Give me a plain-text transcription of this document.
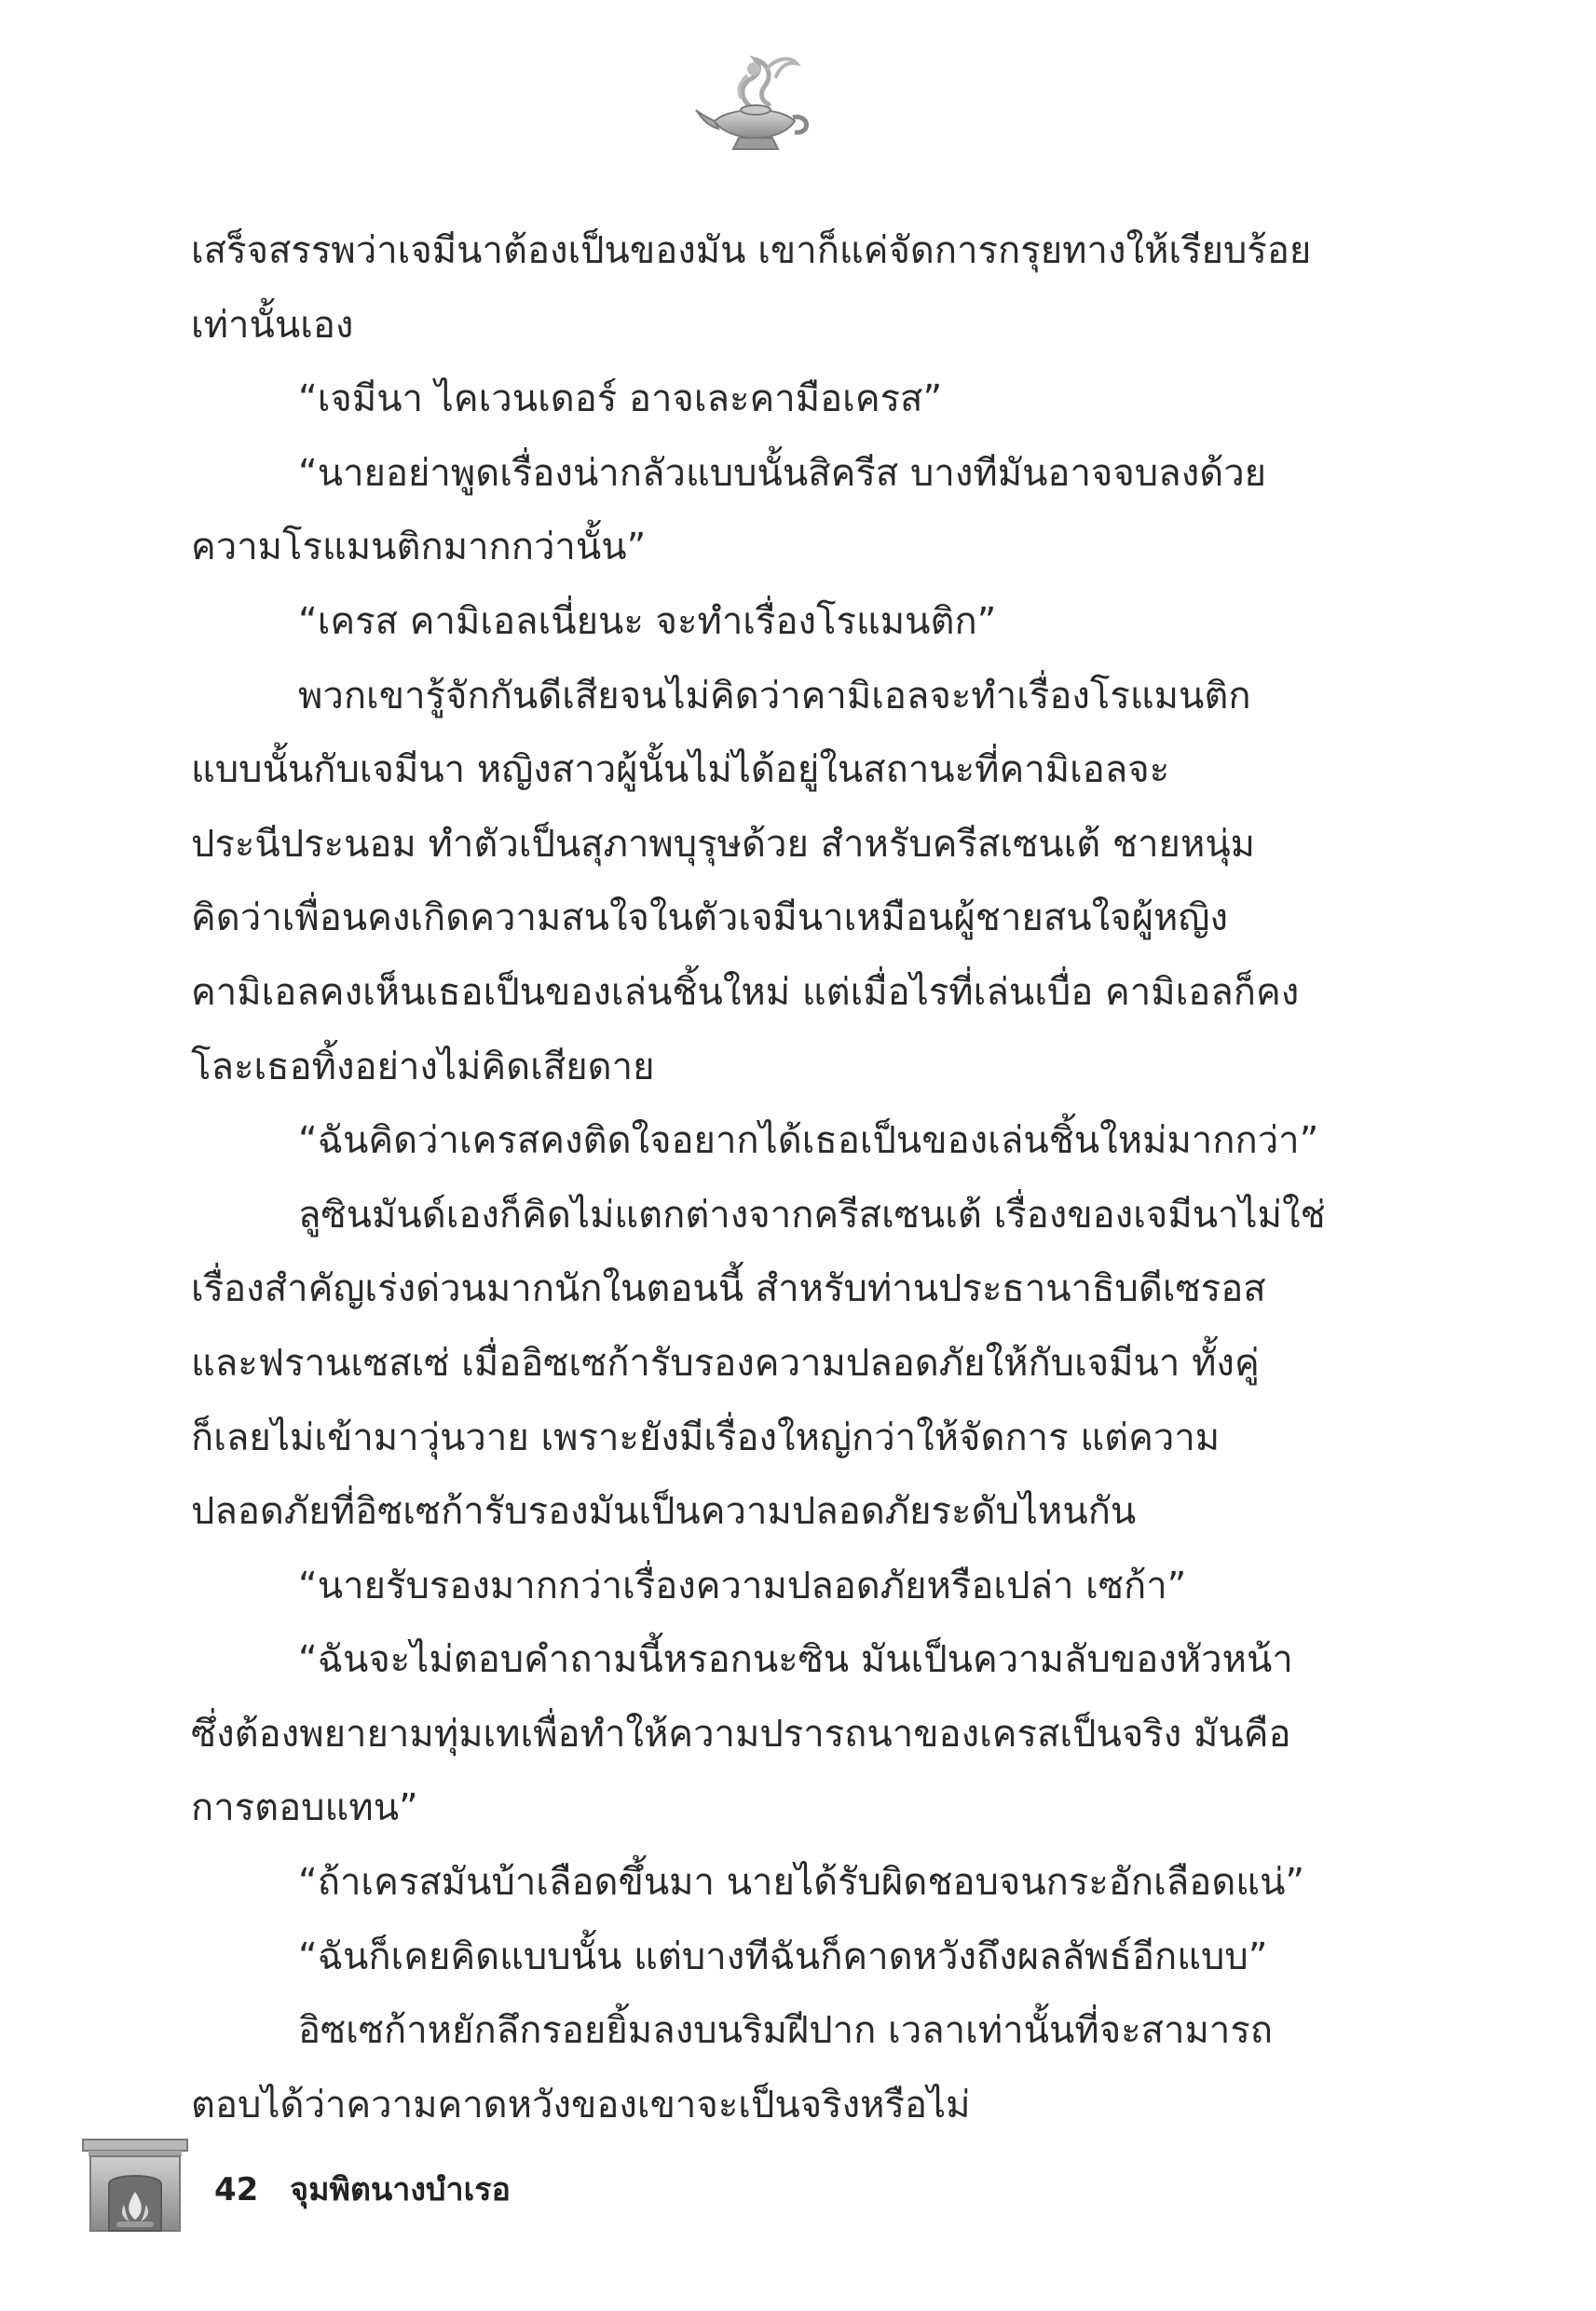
เสร็จสรรพว่าเจมีนาต้องเป็นของมัน เขาก็แค่จัดการกรุยทางให้เรียบร้อย
เท่านั้นเอง
“เจมีนา ไคเวนเดอร์ อาจเละคามือเครส”
“นายอย่าพูดเรื่องน่ากลัวแบบนั้นสิครีส บางทีมันอาจจบลงด้วย
ความโรแมนติกมากกว่านั้น”
“เครส คามิเอลเนี่ยนะ จะทำเรื่องโรแมนติก”
พวกเขารู้จักกันดีเสียจนไม่คิดว่าคามิเอลจะทำเรื่องโรแมนติก
แบบนั้นกับเจมีนา หญิงสาวผู้นั้นไม่ได้อยู่ในสถานะที่คามิเอลจะ
ประนีประนอม ทำตัวเป็นสุภาพบุรุษด้วย สำหรับครีสเซนเต้ ชายหนุ่ม
คิดว่าเพื่อนคงเกิดความสนใจในตัวเจมีนาเหมือนผู้ชายสนใจผู้หญิง
คามิเอลคงเห็นเธอเป็นของเล่นชิ้นใหม่ แต่เมื่อไรที่เล่นเบื่อ คามิเอลก็คง
โละเธอทิ้งอย่างไม่คิดเสียดาย
“ฉันคิดว่าเครสคงติดใจอยากได้เธอเป็นของเล่นชิ้นใหม่มากกว่า”
ลูซินมันด์เองก็คิดไม่แตกต่างจากครีสเซนเต้ เรื่องของเจมีนาไม่ใช่
เรื่องสำคัญเร่งด่วนมากนักในตอนนี้ สำหรับท่านประธานาธิบดีเซรอส
และฟรานเซสเซ่ เมื่ออิซเซก้ารับรองความปลอดภัยให้กับเจมีนา ทั้งคู่
ก็เลยไม่เข้ามาวุ่นวาย เพราะยังมีเรื่องใหญ่กว่าให้จัดการ แต่ความ
ปลอดภัยที่อิซเซก้ารับรองมันเป็นความปลอดภัยระดับไหนกัน
“นายรับรองมากกว่าเรื่องความปลอดภัยหรือเปล่า เซก้า”
“ฉันจะไม่ตอบคำถามนี้หรอกนะซิน มันเป็นความลับของหัวหน้า
ซึ่งต้องพยายามทุ่มเทเพื่อทำให้ความปรารถนาของเครสเป็นจริง มันคือ
การตอบแทน”
“ถ้าเครสมันบ้าเลือดขึ้นมา นายได้รับผิดชอบจนกระอักเลือดแน่”
“ฉันก็เคยคิดแบบนั้น แต่บางทีฉันก็คาดหวังถึงผลลัพธ์อีกแบบ”
อิซเซก้าหยักลึกรอยยิ้มลงบนริมฝีปาก เวลาเท่านั้นที่จะสามารถ
ตอบได้ว่าความคาดหวังของเขาจะเป็นจริงหรือไม่
42 จุมพิตนางบำเรอ
